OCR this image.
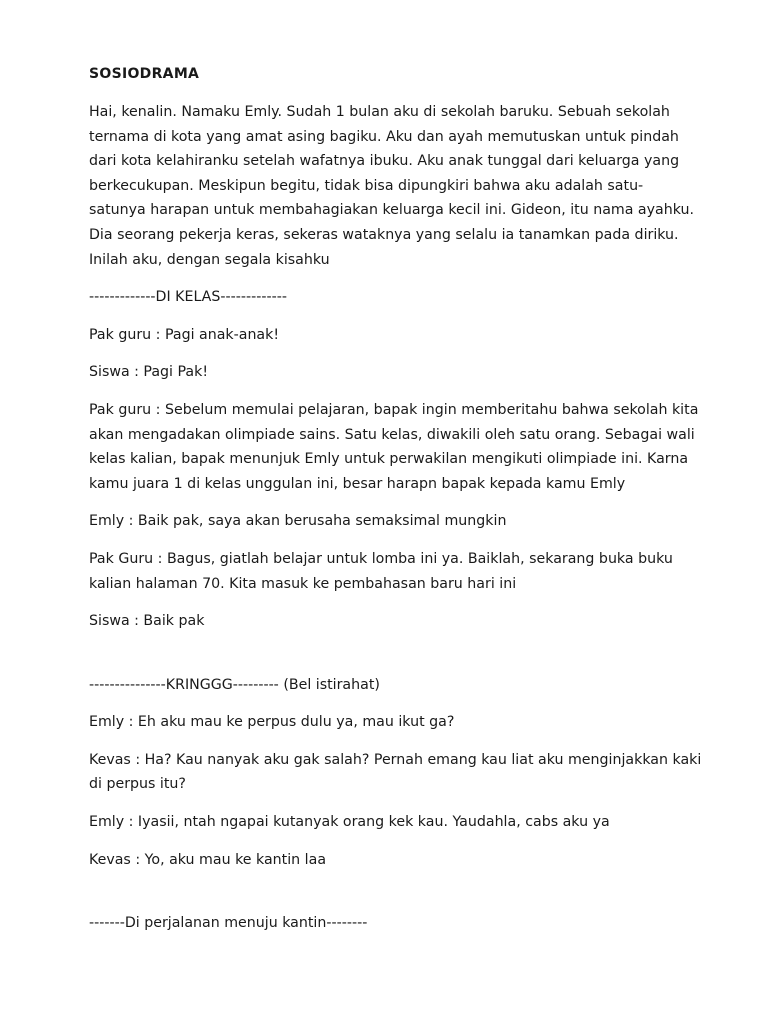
SOSIODRAMA

Hai, kenalin. Namaku Emly. Sudah 1 bulan aku di sekolah baruku. Sebuah sekolah
ternama di kota yang amat asing bagiku. Aku dan ayah memutuskan untuk pindah
dari kota kelahiranku setelah wafatnya ibuku. Aku anak tunggal dari keluarga yang
berkecukupan. Meskipun begitu, tidak bisa dipungkiri bahwa aku adalah satu-
satunya harapan untuk membahagiakan keluarga kecil ini. Gideon, itu nama ayahku.
Dia seorang pekerja keras, sekeras wataknya yang selalu ia tanamkan pada diriku.
Inilah aku, dengan segala kisahku

-------------DI KELAS-------------

Pak guru : Pagi anak-anak!

Siswa : Pagi Pak!

Pak guru : Sebelum memulai pelajaran, bapak ingin memberitahu bahwa sekolah kita
akan mengadakan olimpiade sains. Satu kelas, diwakili oleh satu orang. Sebagai wali
kelas kalian, bapak menunjuk Emly untuk perwakilan mengikuti olimpiade ini. Karna
kamu juara 1 di kelas unggulan ini, besar harapn bapak kepada kamu Emly

Emly : Baik pak, saya akan berusaha semaksimal mungkin

Pak Guru : Bagus, giatlah belajar untuk lomba ini ya. Baiklah, sekarang buka buku
kalian halaman 70. Kita masuk ke pembahasan baru hari ini

Siswa : Baik pak

---------------KRINGGG--------- (Bel istirahat)

Emly : Eh aku mau ke perpus dulu ya, mau ikut ga?

Kevas : Ha? Kau nanyak aku gak salah? Pernah emang kau liat aku menginjakkan kaki
di perpus itu?

Emly : Iyasii, ntah ngapai kutanyak orang kek kau. Yaudahla, cabs aku ya

Kevas : Yo, aku mau ke kantin laa

-------Di perjalanan menuju kantin--------
